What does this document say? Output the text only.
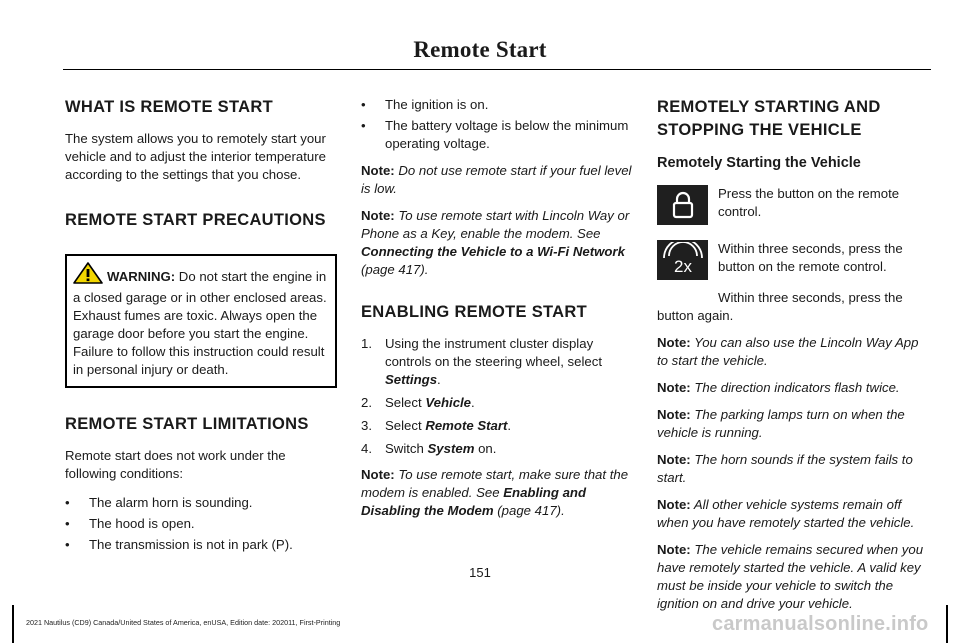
Remote Start
WHAT IS REMOTE START

The system allows you to remotely start your vehicle and to adjust the interior temperature according to the settings that you chose.

REMOTE START PRECAUTIONS
WARNING: Do not start the engine in a closed garage or in other enclosed areas. Exhaust fumes are toxic. Always open the garage door before you start the engine. Failure to follow this instruction could result in personal injury or death.
REMOTE START LIMITATIONS

Remote start does not work under the following conditions:

• The alarm horn is sounding.
• The hood is open.
• The transmission is not in park (P).
• The ignition is on.
• The battery voltage is below the minimum operating voltage.

Note: Do not use remote start if your fuel level is low.

Note: To use remote start with Lincoln Way or Phone as a Key, enable the modem. See Connecting the Vehicle to a Wi-Fi Network (page 417).

ENABLING REMOTE START
1. Using the instrument cluster display controls on the steering wheel, select Settings.
2. Select Vehicle.
3. Select Remote Start.
4. Switch System on.

Note: To use remote start, make sure that the modem is enabled. See Enabling and Disabling the Modem (page 417).

REMOTELY STARTING AND
STOPPING THE VEHICLE
Remotely Starting the Vehicle
Press the button on the remote control.
2x
Within three seconds, press the button on the remote control.

Within three seconds, press the button again.

Note: You can also use the Lincoln Way App to start the vehicle.

Note: The direction indicators flash twice.

Note: The parking lamps turn on when the vehicle is running.

Note: The horn sounds if the system fails to start.

Note: All other vehicle systems remain off when you have remotely started the vehicle.

Note: The vehicle remains secured when you have remotely started the vehicle. A valid key must be inside your vehicle to switch the ignition on and drive your vehicle.

151
2021 Nautilus (CD9) Canada/United States of America, enUSA, Edition date: 202011, First-Printing	carmanualsonline.info
